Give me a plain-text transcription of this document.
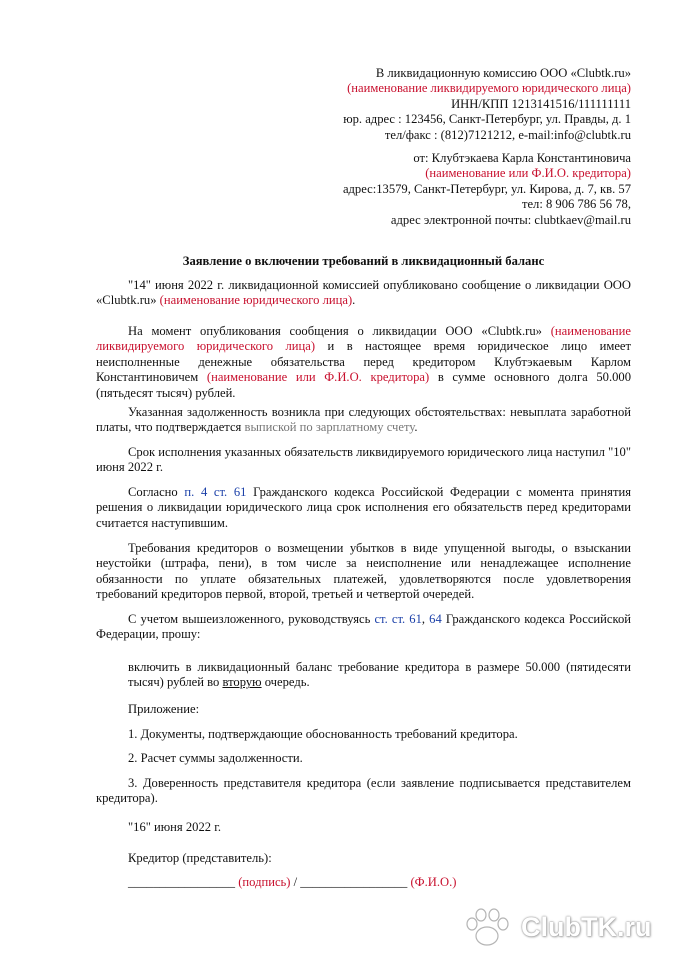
В ликвидационную комиссию ООО «Clubtk.ru»
(наименование ликвидируемого юридического лица)
ИНН/КПП 1213141516/111111111
юр. адрес : 123456, Санкт-Петербург, ул. Правды, д. 1
тел/факс : (812)7121212, e-mail:info@clubtk.ru
от: Клубтэкаева Карла Константиновича
(наименование или Ф.И.О. кредитора)
адрес:13579, Санкт-Петербург, ул. Кирова, д. 7, кв. 57
тел: 8 906 786 56 78,
адрес электронной почты: clubtkaev@mail.ru
Заявление о включении требований в ликвидационный баланс
"14" июня 2022 г. ликвидационной комиссией опубликовано сообщение о ликвидации ООО «Clubtk.ru» (наименование юридического лица).
На момент опубликования сообщения о ликвидации ООО «Clubtk.ru» (наименование ликвидируемого юридического лица) и в настоящее время юридическое лицо имеет неисполненные денежные обязательства перед кредитором Клубтэкаевым Карлом Константиновичем (наименование или Ф.И.О. кредитора) в сумме основного долга 50.000 (пятьдесят тысяч) рублей.
Указанная задолженность возникла при следующих обстоятельствах: невыплата заработной платы, что подтверждается выпиской по зарплатному счету.
Срок исполнения указанных обязательств ликвидируемого юридического лица наступил "10" июня 2022 г.
Согласно п. 4 ст. 61 Гражданского кодекса Российской Федерации с момента принятия решения о ликвидации юридического лица срок исполнения его обязательств перед кредиторами считается наступившим.
Требования кредиторов о возмещении убытков в виде упущенной выгоды, о взыскании неустойки (штрафа, пени), в том числе за неисполнение или ненадлежащее исполнение обязанности по уплате обязательных платежей, удовлетворяются после удовлетворения требований кредиторов первой, второй, третьей и четвертой очередей.
С учетом вышеизложенного, руководствуясь ст. ст. 61, 64 Гражданского кодекса Российской Федерации, прошу:
включить в ликвидационный баланс требование кредитора в размере 50.000 (пятидесяти тысяч) рублей во вторую очередь.
Приложение:
1. Документы, подтверждающие обоснованность требований кредитора.
2. Расчет суммы задолженности.
3. Доверенность представителя кредитора (если заявление подписывается представителем кредитора).
"16" июня 2022 г.
Кредитор (представитель):
_________________ (подпись) / _________________ (Ф.И.О.)
ClubTK.ru
